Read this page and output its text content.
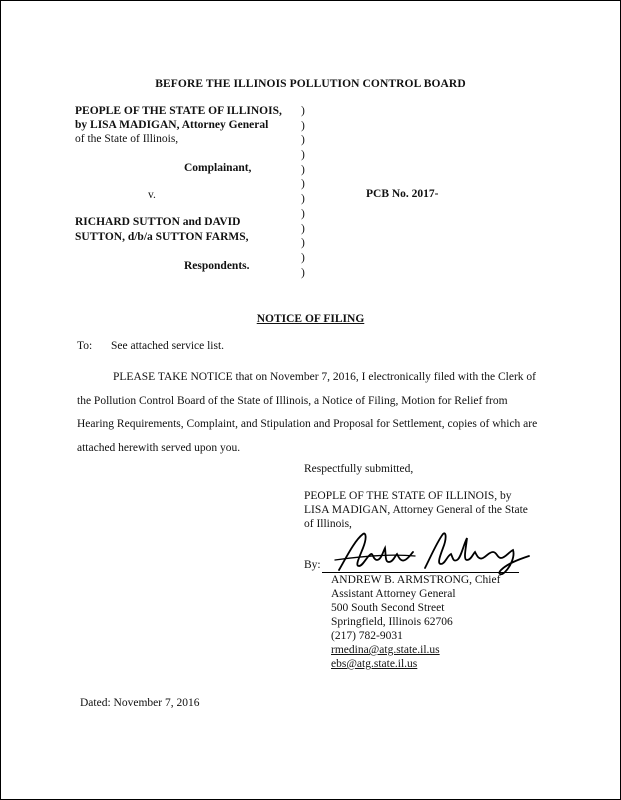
BEFORE THE ILLINOIS POLLUTION CONTROL BOARD
PEOPLE OF THE STATE OF ILLINOIS,
by LISA MADIGAN, Attorney General
of the State of Illinois,
Complainant,
v.
RICHARD SUTTON and DAVID
SUTTON, d/b/a SUTTON FARMS,
Respondents.
)
)
)
)
)
)
)
)
)
)
)
)
PCB No. 2017-
NOTICE OF FILING
To: See attached service list.
PLEASE TAKE NOTICE that on November 7, 2016, I electronically filed with the Clerk of the Pollution Control Board of the State of Illinois, a Notice of Filing, Motion for Relief from Hearing Requirements, Complaint, and Stipulation and Proposal for Settlement, copies of which are attached herewith served upon you.
Respectfully submitted,
PEOPLE OF THE STATE OF ILLINOIS, by LISA MADIGAN, Attorney General of the State of Illinois,
By:
ANDREW B. ARMSTRONG, Chief
Assistant Attorney General
500 South Second Street
Springfield, Illinois 62706
(217) 782-9031
rmedina@atg.state.il.us
ebs@atg.state.il.us
Dated: November 7, 2016
